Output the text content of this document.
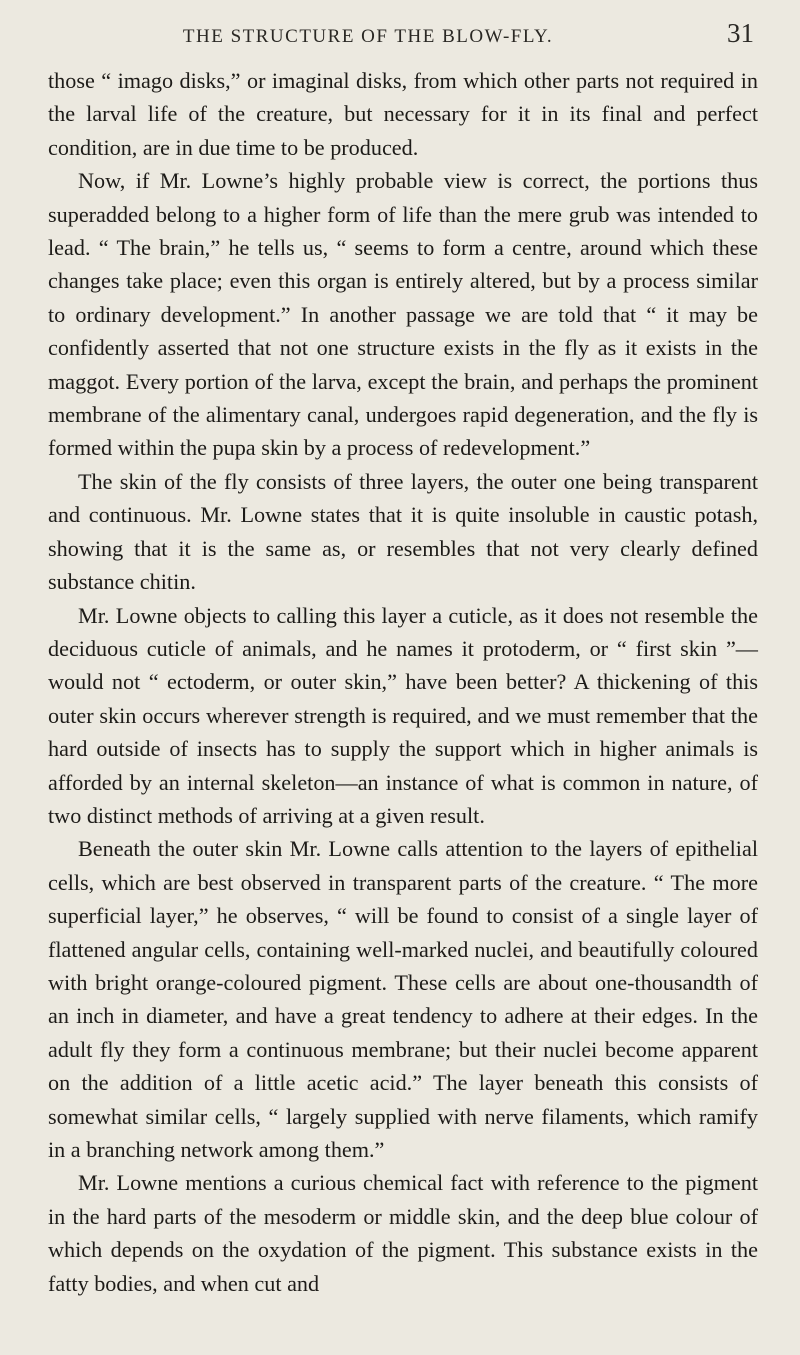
THE STRUCTURE OF THE BLOW-FLY.	31

those “ imago disks,” or imaginal disks, from which other parts not required in the larval life of the creature, but necessary for it in its final and perfect condition, are in due time to be produced.

Now, if Mr. Lowne’s highly probable view is correct, the portions thus superadded belong to a higher form of life than the mere grub was intended to lead. “ The brain,” he tells us, “ seems to form a centre, around which these changes take place; even this organ is entirely altered, but by a process similar to ordinary development.” In another passage we are told that “ it may be confidently asserted that not one structure exists in the fly as it exists in the maggot. Every portion of the larva, except the brain, and perhaps the prominent membrane of the alimentary canal, undergoes rapid degeneration, and the fly is formed within the pupa skin by a process of redevelopment.”

The skin of the fly consists of three layers, the outer one being transparent and continuous. Mr. Lowne states that it is quite insoluble in caustic potash, showing that it is the same as, or resembles that not very clearly defined substance chitin.

Mr. Lowne objects to calling this layer a cuticle, as it does not resemble the deciduous cuticle of animals, and he names it protoderm, or “ first skin ”—would not “ ectoderm, or outer skin,” have been better? A thickening of this outer skin occurs wherever strength is required, and we must remember that the hard outside of insects has to supply the support which in higher animals is afforded by an internal skeleton—an instance of what is common in nature, of two distinct methods of arriving at a given result.

Beneath the outer skin Mr. Lowne calls attention to the layers of epithelial cells, which are best observed in transparent parts of the creature. “ The more superficial layer,” he observes, “ will be found to consist of a single layer of flattened angular cells, containing well-marked nuclei, and beautifully coloured with bright orange-coloured pigment. These cells are about one-thousandth of an inch in diameter, and have a great tendency to adhere at their edges. In the adult fly they form a continuous membrane; but their nuclei become apparent on the addition of a little acetic acid.” The layer beneath this consists of somewhat similar cells, “ largely supplied with nerve filaments, which ramify in a branching network among them.”

Mr. Lowne mentions a curious chemical fact with reference to the pigment in the hard parts of the mesoderm or middle skin, and the deep blue colour of which depends on the oxydation of the pigment. This substance exists in the fatty bodies, and when cut and
